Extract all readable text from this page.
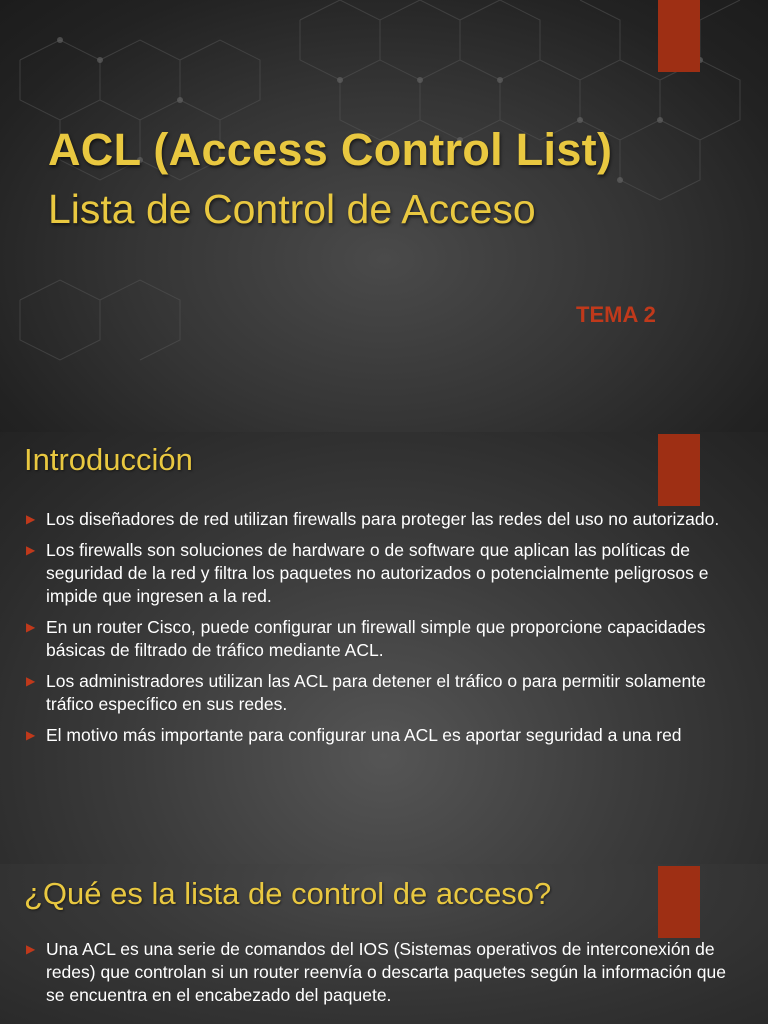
ACL (Access Control List)
Lista de Control de Acceso
TEMA 2
Introducción
▶ Los diseñadores de red utilizan firewalls para proteger las redes del uso no autorizado.
▶ Los firewalls son soluciones de hardware o de software que aplican las políticas de seguridad de la red y filtra los paquetes no autorizados o potencialmente peligrosos e impide que ingresen a la red.
▶ En un router Cisco, puede configurar un firewall simple que proporcione capacidades básicas de filtrado de tráfico mediante ACL.
▶ Los administradores utilizan las ACL para detener el tráfico o para permitir solamente tráfico específico en sus redes.
▶ El motivo más importante para configurar una ACL es aportar seguridad a una red
¿Qué es la lista de control de acceso?
▶ Una ACL es una serie de comandos del IOS (Sistemas operativos de interconexión de redes) que controlan si un router reenvía o descarta paquetes según la información que se encuentra en el encabezado del paquete.
